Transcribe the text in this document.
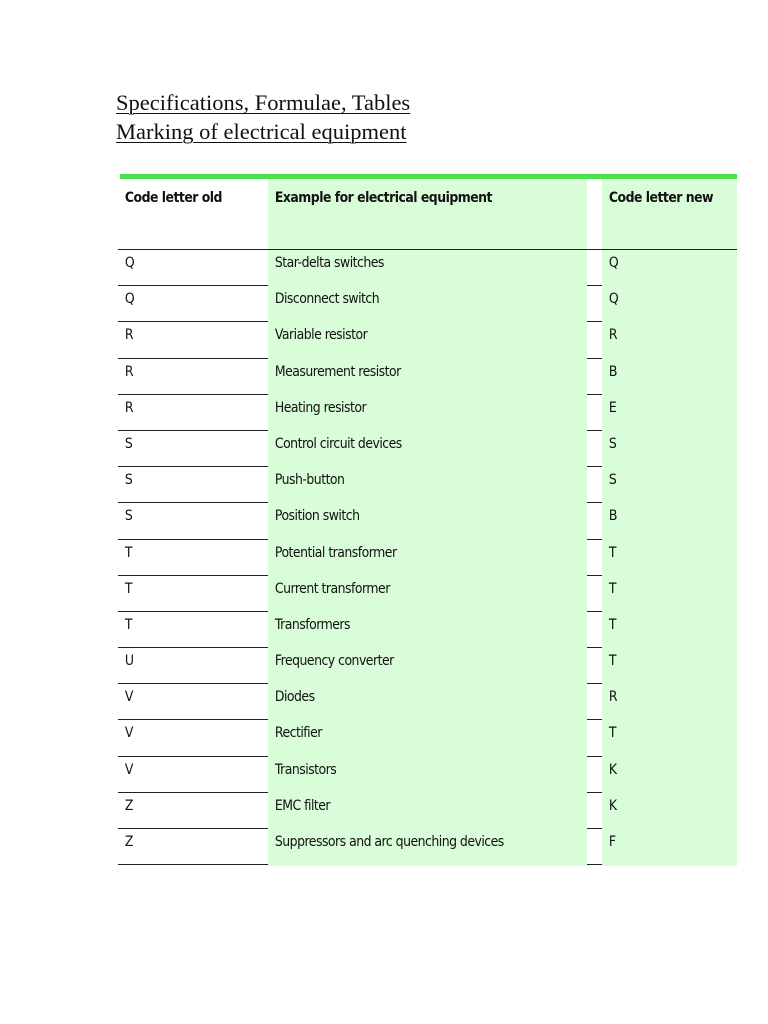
Specifications, Formulae, Tables
Marking of electrical equipment
Code letter old	Example for electrical equipment	Code letter new
Q	Star-delta switches	Q
Q	Disconnect switch	Q
R	Variable resistor	R
R	Measurement resistor	B
R	Heating resistor	E
S	Control circuit devices	S
S	Push-button	S
S	Position switch	B
T	Potential transformer	T
T	Current transformer	T
T	Transformers	T
U	Frequency converter	T
V	Diodes	R
V	Rectifier	T
V	Transistors	K
Z	EMC filter	K
Z	Suppressors and arc quenching devices	F
